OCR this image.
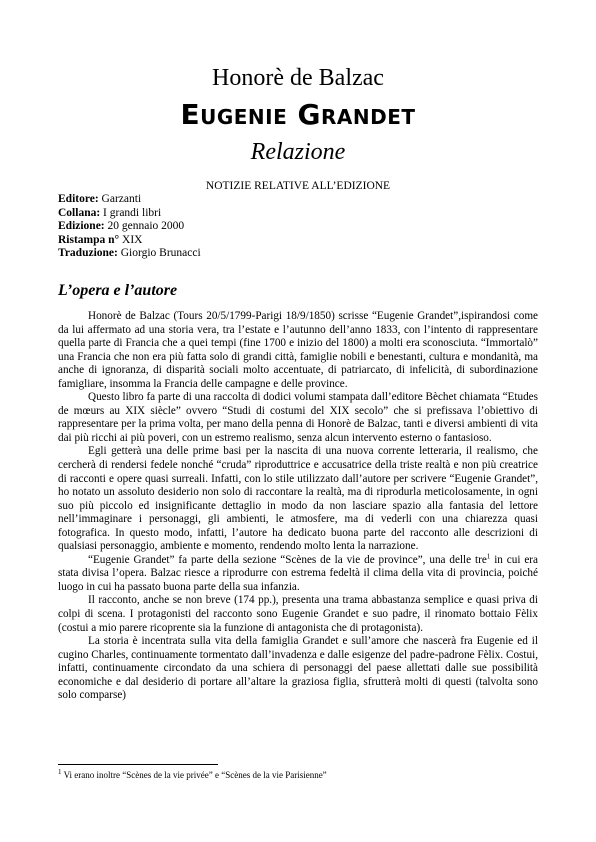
Honorè de Balzac
Eugenie Grandet
Relazione
NOTIZIE RELATIVE ALL’EDIZIONE
Editore: Garzanti
Collana: I grandi libri
Edizione: 20 gennaio 2000
Ristampa n° XIX
Traduzione: Giorgio Brunacci
L’opera e l’autore

Honorè de Balzac (Tours 20/5/1799-Parigi 18/9/1850) scrisse “Eugenie Grandet”,ispirandosi come da lui affermato ad una storia vera, tra l’estate e l’autunno dell’anno 1833, con l’intento di rappresentare quella parte di Francia che a quei tempi (fine 1700 e inizio del 1800) a molti era sconosciuta. “Immortalò” una Francia che non era più fatta solo di grandi città, famiglie nobili e benestanti, cultura e mondanità, ma anche di ignoranza, di disparità sociali molto accentuate, di patriarcato, di infelicità, di subordinazione famigliare, insomma la Francia delle campagne e delle province.

Questo libro fa parte di una raccolta di dodici volumi stampata dall’editore Bèchet chiamata “Etudes de mœurs au XIX siècle” ovvero “Studi di costumi del XIX secolo” che si prefissava l’obiettivo di rappresentare per la prima volta, per mano della penna di Honorè de Balzac, tanti e diversi ambienti di vita dai più ricchi ai più poveri, con un estremo realismo, senza alcun intervento esterno o fantasioso.

Egli getterà una delle prime basi per la nascita di una nuova corrente letteraria, il realismo, che cercherà di rendersi fedele nonché “cruda” riproduttrice e accusatrice della triste realtà e non più creatrice di racconti e opere quasi surreali. Infatti, con lo stile utilizzato dall’autore per scrivere “Eugenie Grandet”, ho notato un assoluto desiderio non solo di raccontare la realtà, ma di riprodurla meticolosamente, in ogni suo più piccolo ed insignificante dettaglio in modo da non lasciare spazio alla fantasia del lettore nell’immaginare i personaggi, gli ambienti, le atmosfere, ma di vederli con una chiarezza quasi fotografica. In questo modo, infatti, l’autore ha dedicato buona parte del racconto alle descrizioni di qualsiasi personaggio, ambiente e momento, rendendo molto lenta la narrazione.

“Eugenie Grandet” fa parte della sezione “Scènes de la vie de province”, una delle tre$^1$ in cui era stata divisa l’opera. Balzac riesce a riprodurre con estrema fedeltà il clima della vita di provincia, poiché luogo in cui ha passato buona parte della sua infanzia.

Il racconto, anche se non breve (174 pp.), presenta una trama abbastanza semplice e quasi priva di colpi di scena. I protagonisti del racconto sono Eugenie Grandet e suo padre, il rinomato bottaio Fèlix (costui a mio parere ricoprente sia la funzione di antagonista che di protagonista).

La storia è incentrata sulla vita della famiglia Grandet e sull’amore che nascerà fra Eugenie ed il cugino Charles, continuamente tormentato dall’invadenza e dalle esigenze del padre-padrone Fèlix. Costui, infatti, continuamente circondato da una schiera di personaggi del paese allettati dalle sue possibilità economiche e dal desiderio di portare all’altare la graziosa figlia, sfrutterà molti di questi (talvolta sono solo comparse)

$^1$ Vi erano inoltre “Scènes de la vie privée” e “Scènes de la vie Parisienne”
